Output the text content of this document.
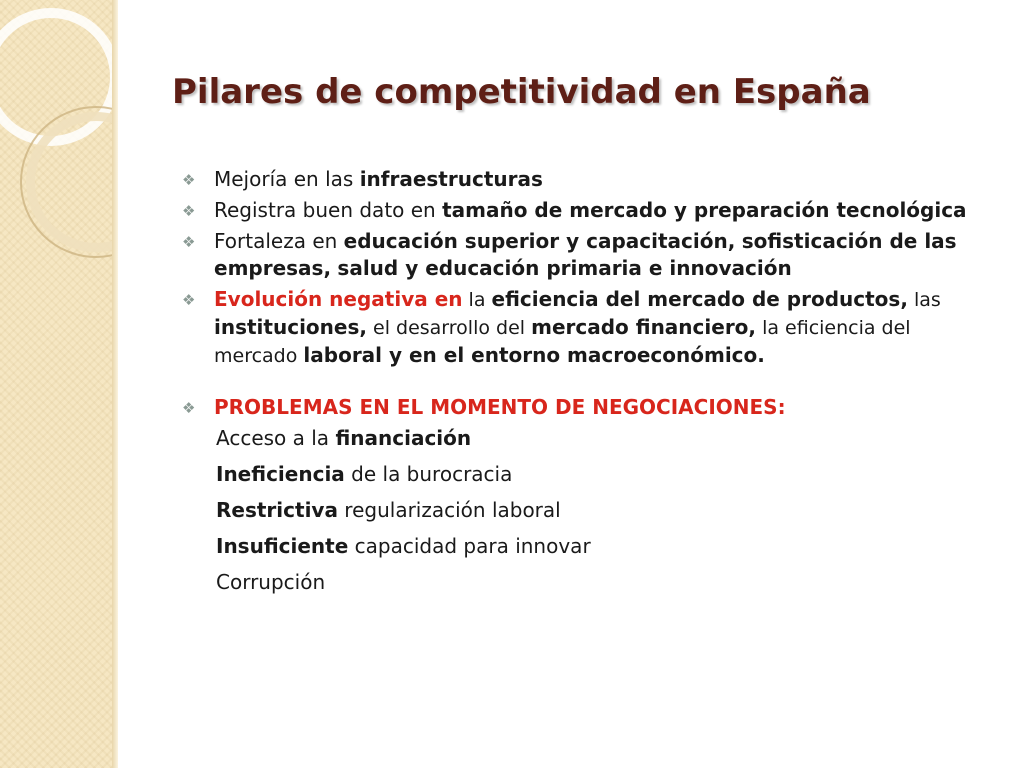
Pilares de competitividad en España
❖ Mejoría en las infraestructuras
❖ Registra buen dato en tamaño de mercado y preparación tecnológica
❖ Fortaleza en educación superior y capacitación, sofisticación de las empresas, salud y educación primaria e innovación
❖ Evolución negativa en la eficiencia del mercado de productos, las instituciones, el desarrollo del mercado financiero, la eficiencia del mercado laboral y en el entorno macroeconómico.
❖ PROBLEMAS EN EL MOMENTO DE NEGOCIACIONES:
Acceso a la financiación
Ineficiencia de la burocracia
Restrictiva regularización laboral
Insuficiente capacidad para innovar
Corrupción
